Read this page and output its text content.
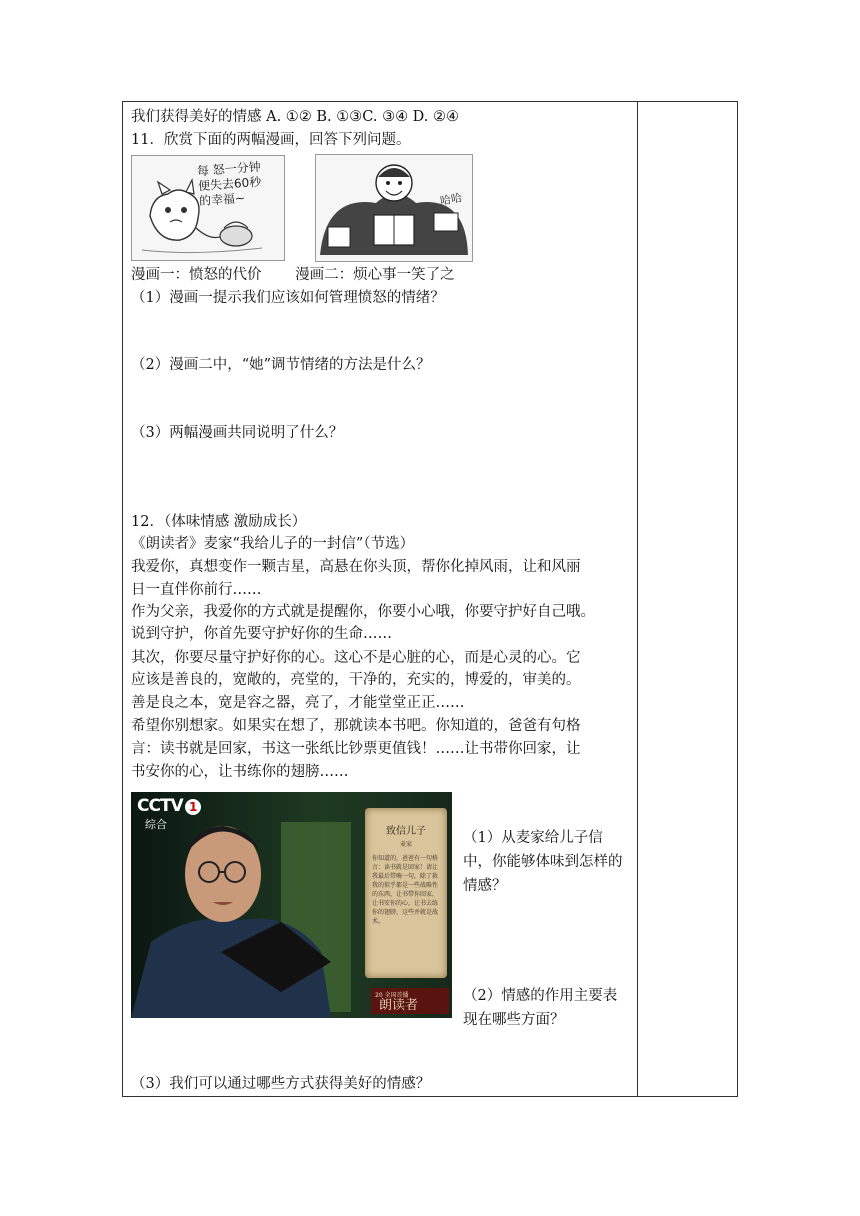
我们获得美好的情感 A. ①② B. ①③C. ③④ D. ②④
11．欣赏下面的两幅漫画，回答下列问题。
每 怒一分钟
便失去60秒
的幸福~	哈哈
漫画一：愤怒的代价　　 漫画二：烦心事一笑了之
（1）漫画一提示我们应该如何管理愤怒的情绪？
（2）漫画二中，“她”调节情绪的方法是什么？
（3）两幅漫画共同说明了什么？
12．（体味情感 激励成长）
《朗读者》麦家“我给儿子的一封信”（节选）
我爱你，真想变作一颗吉星，高悬在你头顶，帮你化掉风雨，让和风丽
日一直伴你前行……
作为父亲，我爱你的方式就是提醒你，你要小心哦，你要守护好自己哦。
说到守护，你首先要守护好你的生命……
其次，你要尽量守护好你的心。这心不是心脏的心，而是心灵的心。它
应该是善良的，宽敞的，亮堂的，干净的，充实的，博爱的，审美的。
善是良之本，宽是容之器，亮了，才能堂堂正正……
希望你别想家。如果实在想了，那就读本书吧。你知道的，爸爸有句格
言：读书就是回家，书这一张纸比钞票更值钱！……让书带你回家，让
书安你的心，让书练你的翅膀……
CCTV 1
综合
致信儿子
麦家
你知道的，爸爸有一句格言：读书就是回家！请让我最后带嗨一句，除了救我的似乎都是一些战略性的东西，让书带你回家，让书安你的心，让书去练你的翅膀，这些并就是战术。
20 全国首播
朗读者
（1）从麦家给儿子信中，你能够体味到怎样的情感？
（2）情感的作用主要表现在哪些方面？
（3）我们可以通过哪些方式获得美好的情感？
